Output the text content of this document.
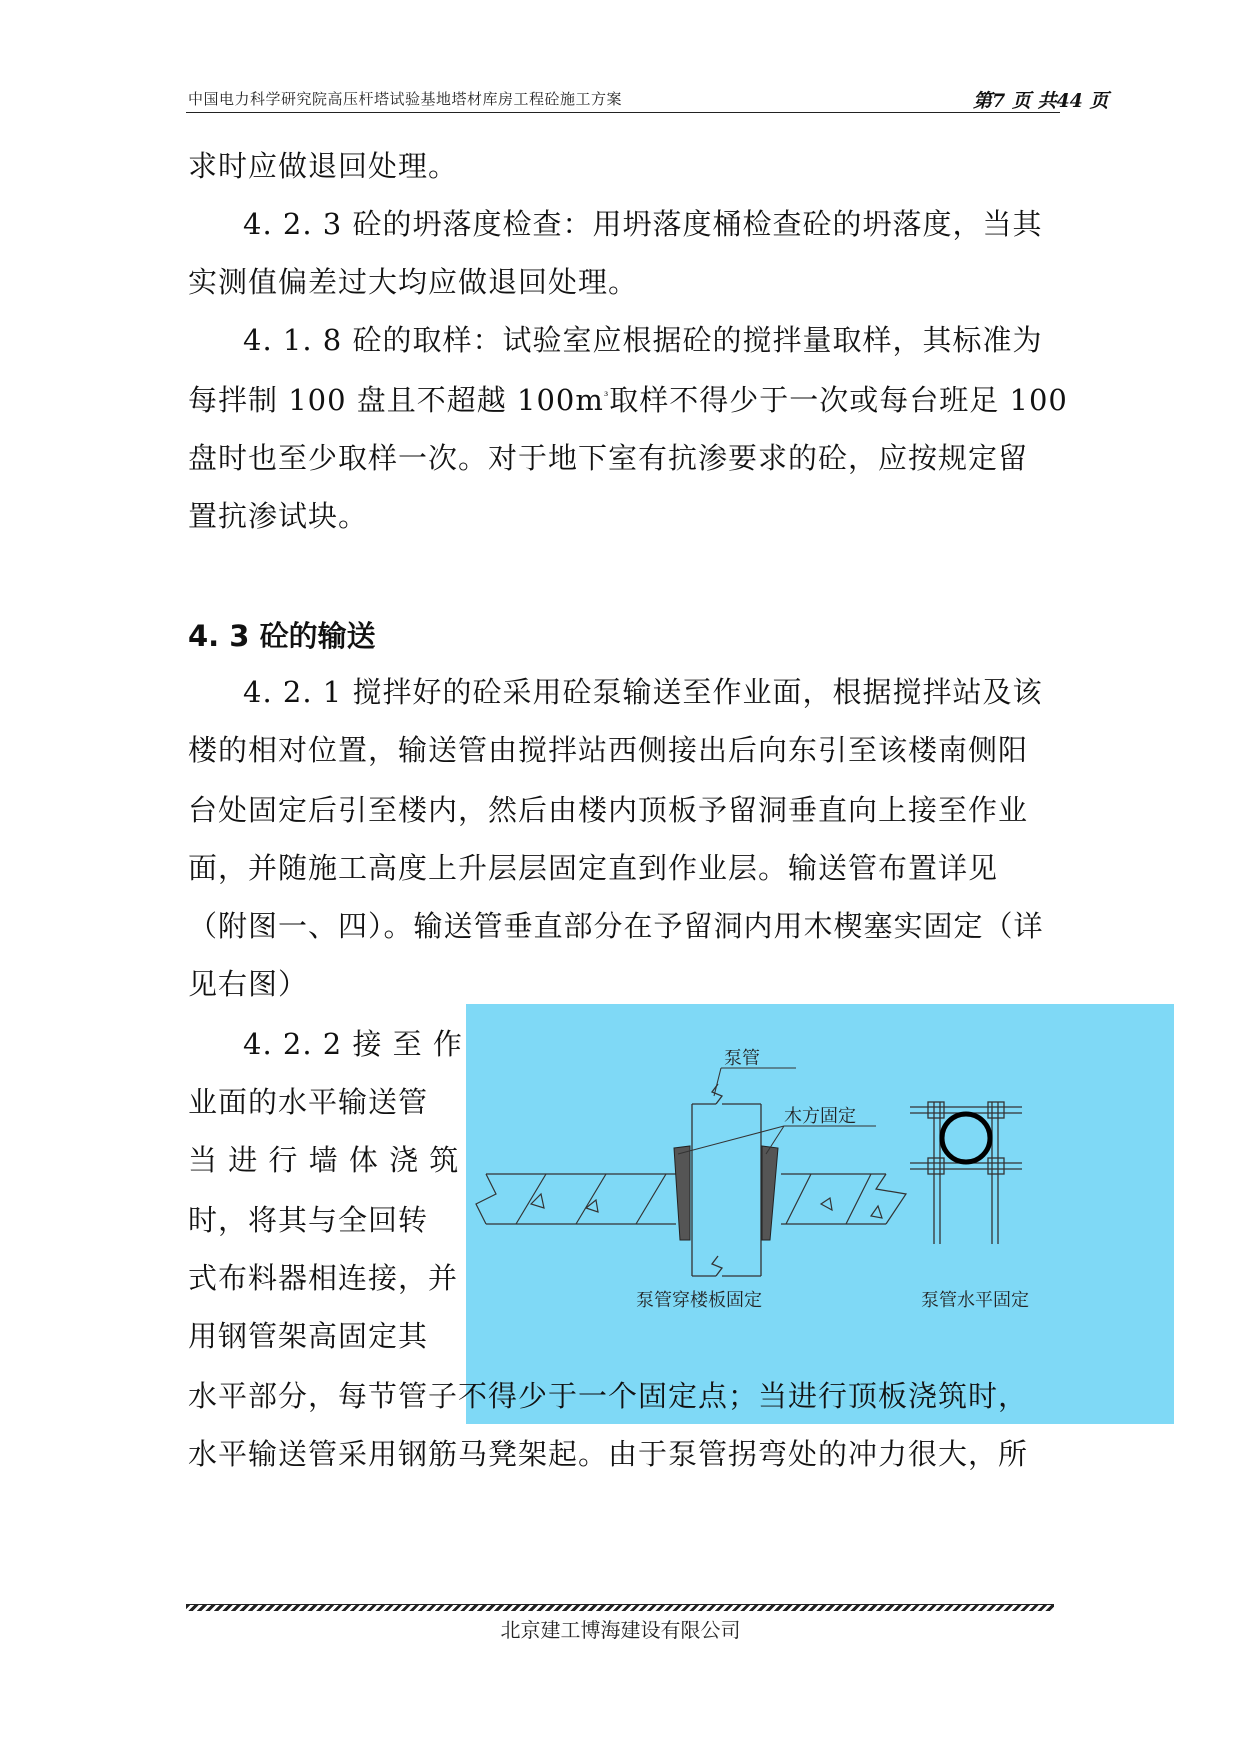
中国电力科学研究院高压杆塔试验基地塔材库房工程砼施工方案	第7 页 共44 页
求时应做退回处理。
4. 2. 3 砼的坍落度检查：用坍落度桶检查砼的坍落度，当其
实测值偏差过大均应做退回处理。
4. 1. 8 砼的取样：试验室应根据砼的搅拌量取样，其标准为
每拌制 100 盘且不超越 $100m^{^3}$取样不得少于一次或每台班足 100
盘时也至少取样一次。对于地下室有抗渗要求的砼，应按规定留
置抗渗试块。
4. 3 砼的输送
4. 2. 1 搅拌好的砼采用砼泵输送至作业面，根据搅拌站及该
楼的相对位置，输送管由搅拌站西侧接出后向东引至该楼南侧阳
台处固定后引至楼内，然后由楼内顶板予留洞垂直向上接至作业
面，并随施工高度上升层层固定直到作业层。输送管布置详见
（附图一、四）。输送管垂直部分在予留洞内用木楔塞实固定（详
见右图）
4. 2. 2 接 至 作
业面的水平输送管
当 进 行 墙 体 浇 筑
时，将其与全回转
式布料器相连接，并
用钢管架高固定其
泵管
木方固定
泵管穿楼板固定	泵管水平固定
水平部分，每节管子不得少于一个固定点；当进行顶板浇筑时，
水平输送管采用钢筋马凳架起。由于泵管拐弯处的冲力很大，所
北京建工博海建设有限公司
